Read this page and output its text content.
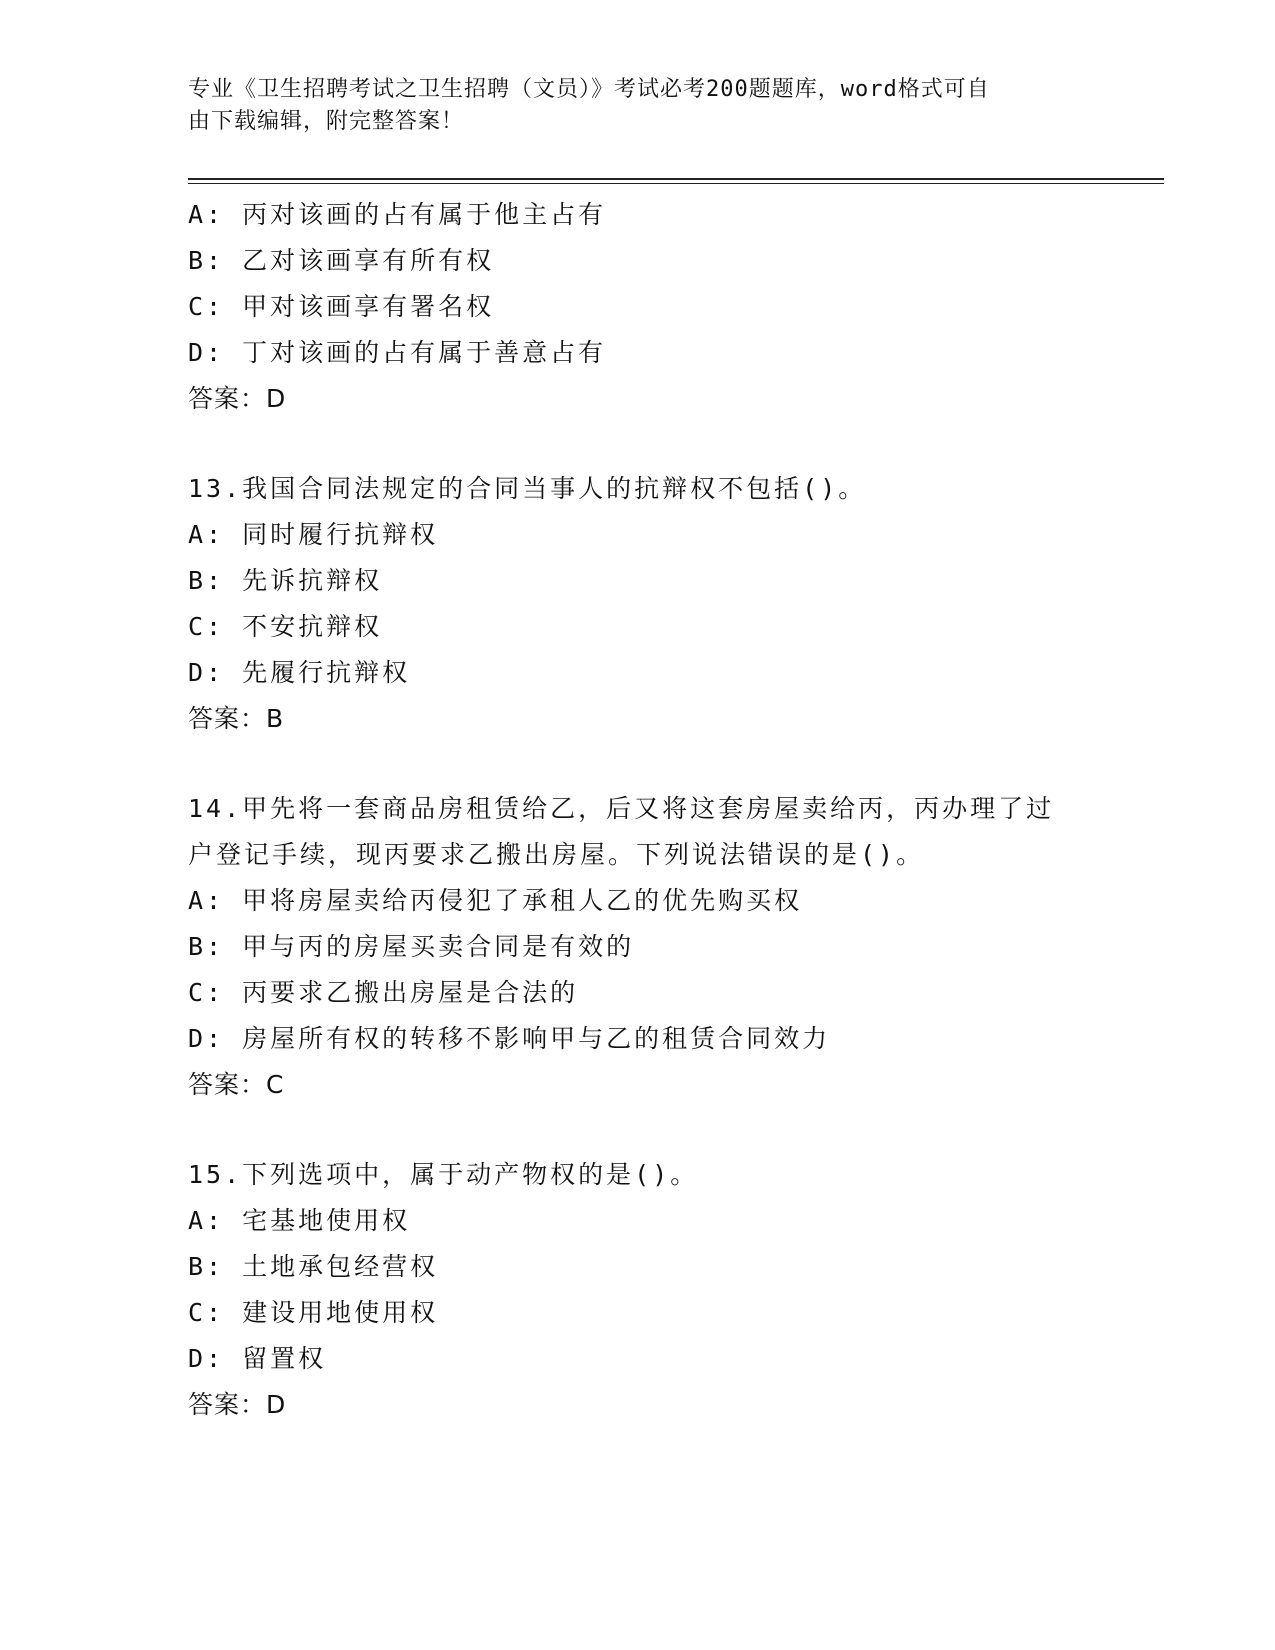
专业《卫生招聘考试之卫生招聘（文员）》考试必考200题题库，word格式可自
由下载编辑，附完整答案！
A: 丙对该画的占有属于他主占有
B: 乙对该画享有所有权
C: 甲对该画享有署名权
D: 丁对该画的占有属于善意占有
答案：D
13.我国合同法规定的合同当事人的抗辩权不包括()。
A: 同时履行抗辩权
B: 先诉抗辩权
C: 不安抗辩权
D: 先履行抗辩权
答案：B
14.甲先将一套商品房租赁给乙，后又将这套房屋卖给丙，丙办理了过
户登记手续，现丙要求乙搬出房屋。下列说法错误的是()。
A: 甲将房屋卖给丙侵犯了承租人乙的优先购买权
B: 甲与丙的房屋买卖合同是有效的
C: 丙要求乙搬出房屋是合法的
D: 房屋所有权的转移不影响甲与乙的租赁合同效力
答案：C
15.下列选项中，属于动产物权的是()。
A: 宅基地使用权
B: 土地承包经营权
C: 建设用地使用权
D: 留置权
答案：D
